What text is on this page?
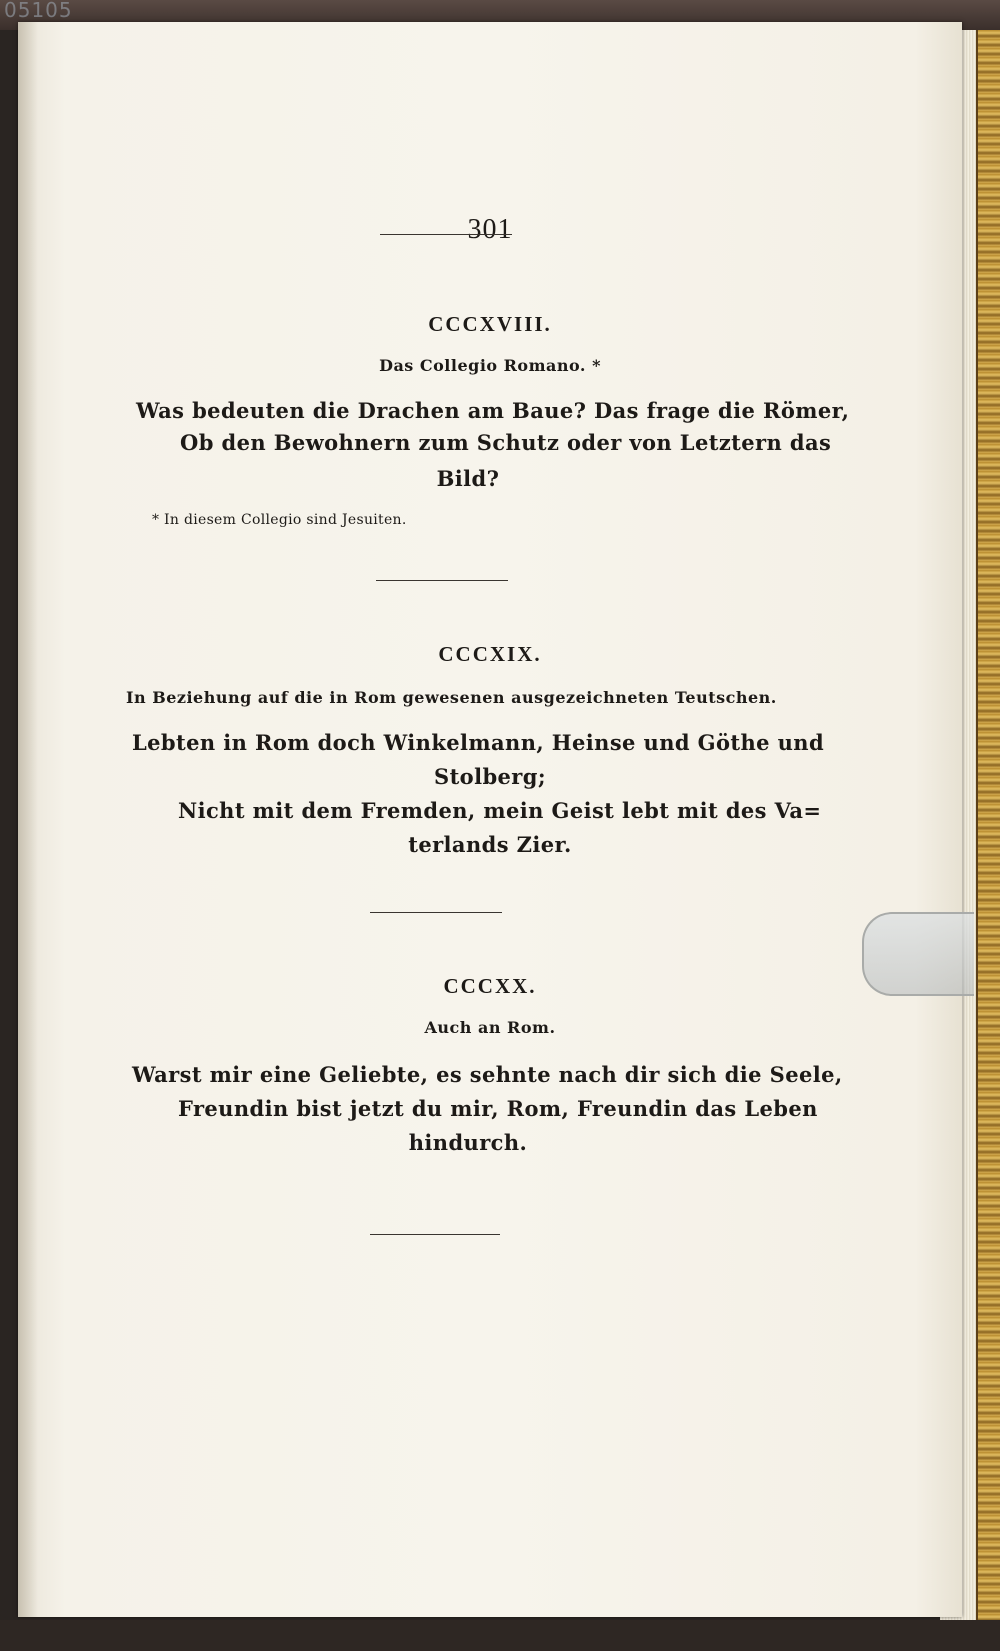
05105
301
CCCXVIII.
Das Collegio Romano. *
Was bedeuten die Drachen am Baue? Das frage die Römer,
Ob den Bewohnern zum Schutz oder von Letztern das
Bild?
* In diesem Collegio sind Jesuiten.
CCCXIX.
In Beziehung auf die in Rom gewesenen ausgezeichneten Teutschen.
Lebten in Rom doch Winkelmann, Heinse und Göthe und
Stolberg;
Nicht mit dem Fremden, mein Geist lebt mit des Va=
terlands Zier.
CCCXX.
Auch an Rom.
Warst mir eine Geliebte, es sehnte nach dir sich die Seele,
Freundin bist jetzt du mir, Rom, Freundin das Leben
hindurch.
